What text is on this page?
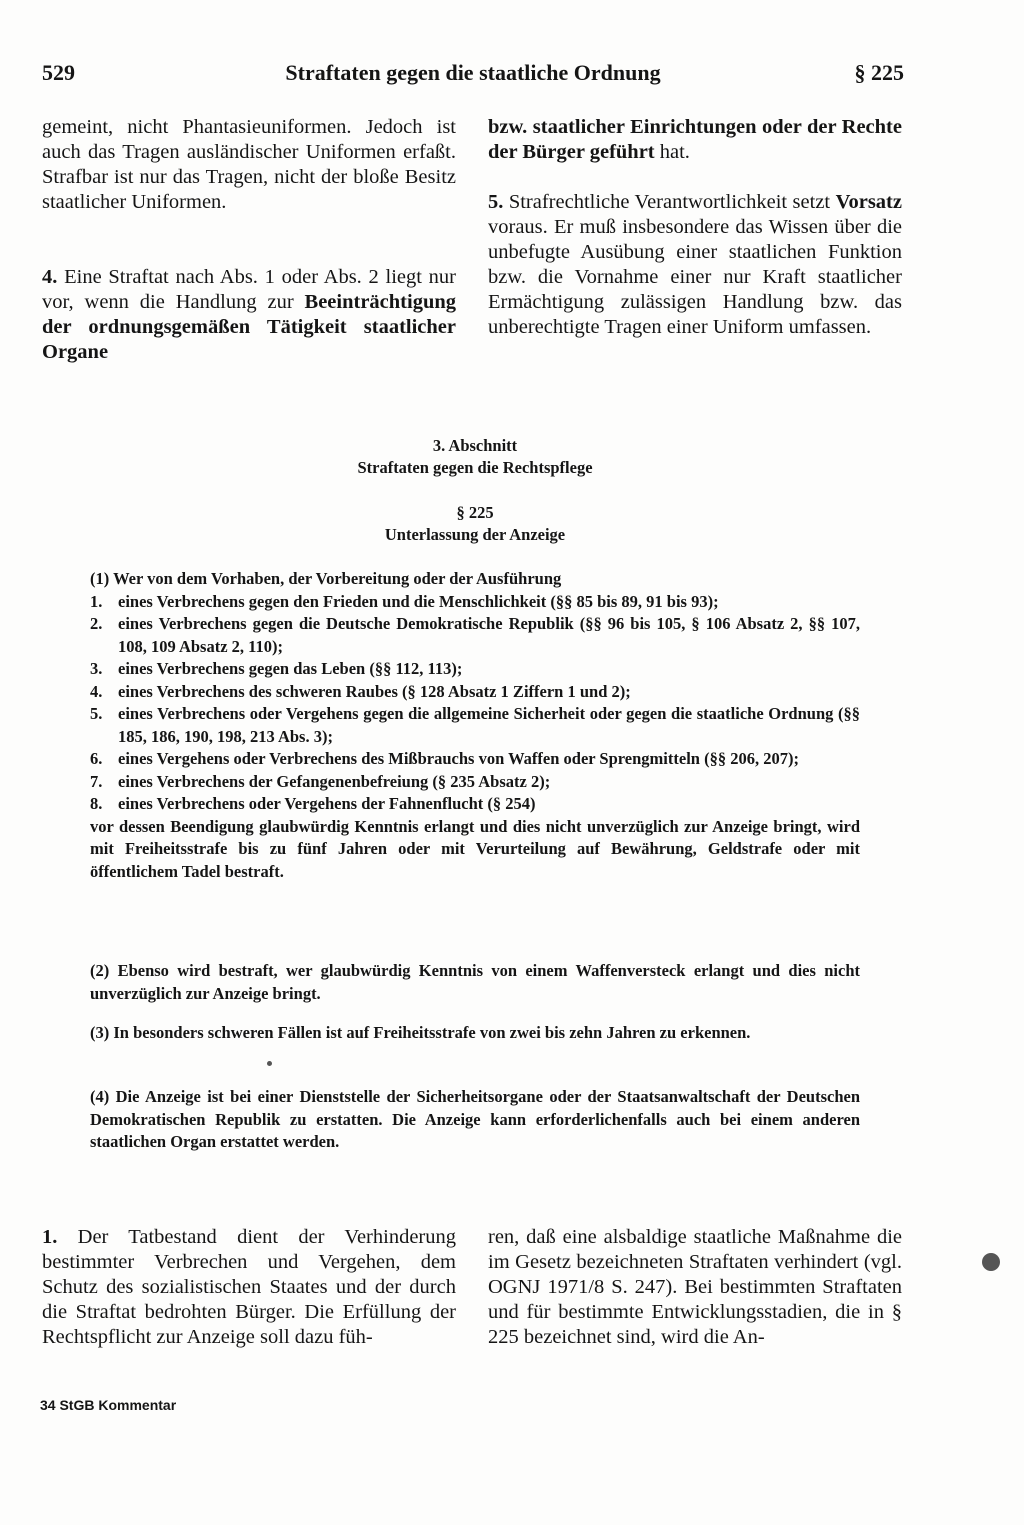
529	Straftaten gegen die staatliche Ordnung	§ 225

gemeint, nicht Phantasieuniformen. Jedoch ist auch das Tragen ausländischer Uniformen erfaßt. Strafbar ist nur das Tragen, nicht der bloße Besitz staatlicher Uniformen.

4. Eine Straftat nach Abs. 1 oder Abs. 2 liegt nur vor, wenn die Handlung zur Beeinträchtigung der ordnungsgemäßen Tätigkeit staatlicher Organe

bzw. staatlicher Einrichtungen oder der Rechte der Bürger geführt hat.

5. Strafrechtliche Verantwortlichkeit setzt Vorsatz voraus. Er muß insbesondere das Wissen über die unbefugte Ausübung einer staatlichen Funktion bzw. die Vornahme einer nur Kraft staatlicher Ermächtigung zulässigen Handlung bzw. das unberechtigte Tragen einer Uniform umfassen.

3. Abschnitt
Straftaten gegen die Rechtspflege
§ 225
Unterlassung der Anzeige

(1) Wer von dem Vorhaben, der Vorbereitung oder der Ausführung

1. eines Verbrechens gegen den Frieden und die Menschlichkeit (§§ 85 bis 89, 91 bis 93);
2. eines Verbrechens gegen die Deutsche Demokratische Republik (§§ 96 bis 105, § 106 Absatz 2, §§ 107, 108, 109 Absatz 2, 110);
3. eines Verbrechens gegen das Leben (§§ 112, 113);
4. eines Verbrechens des schweren Raubes (§ 128 Absatz 1 Ziffern 1 und 2);
5. eines Verbrechens oder Vergehens gegen die allgemeine Sicherheit oder gegen die staatliche Ordnung (§§ 185, 186, 190, 198, 213 Abs. 3);
6. eines Vergehens oder Verbrechens des Mißbrauchs von Waffen oder Sprengmitteln (§§ 206, 207);
7. eines Verbrechens der Gefangenenbefreiung (§ 235 Absatz 2);
8. eines Verbrechens oder Vergehens der Fahnenflucht (§ 254)

vor dessen Beendigung glaubwürdig Kenntnis erlangt und dies nicht unverzüglich zur Anzeige bringt, wird mit Freiheitsstrafe bis zu fünf Jahren oder mit Verurteilung auf Bewährung, Geldstrafe oder mit öffentlichem Tadel bestraft.

(2) Ebenso wird bestraft, wer glaubwürdig Kenntnis von einem Waffenversteck erlangt und dies nicht unverzüglich zur Anzeige bringt.

(3) In besonders schweren Fällen ist auf Freiheitsstrafe von zwei bis zehn Jahren zu erkennen.

(4) Die Anzeige ist bei einer Dienststelle der Sicherheitsorgane oder der Staatsanwaltschaft der Deutschen Demokratischen Republik zu erstatten. Die Anzeige kann erforderlichenfalls auch bei einem anderen staatlichen Organ erstattet werden.

1. Der Tatbestand dient der Verhinderung bestimmter Verbrechen und Vergehen, dem Schutz des sozialistischen Staates und der durch die Straftat bedrohten Bürger. Die Erfüllung der Rechtspflicht zur Anzeige soll dazu füh-

ren, daß eine alsbaldige staatliche Maßnahme die im Gesetz bezeichneten Straftaten verhindert (vgl. OGNJ 1971/8 S. 247). Bei bestimmten Straftaten und für bestimmte Entwicklungsstadien, die in § 225 bezeichnet sind, wird die An-

34 StGB Kommentar
